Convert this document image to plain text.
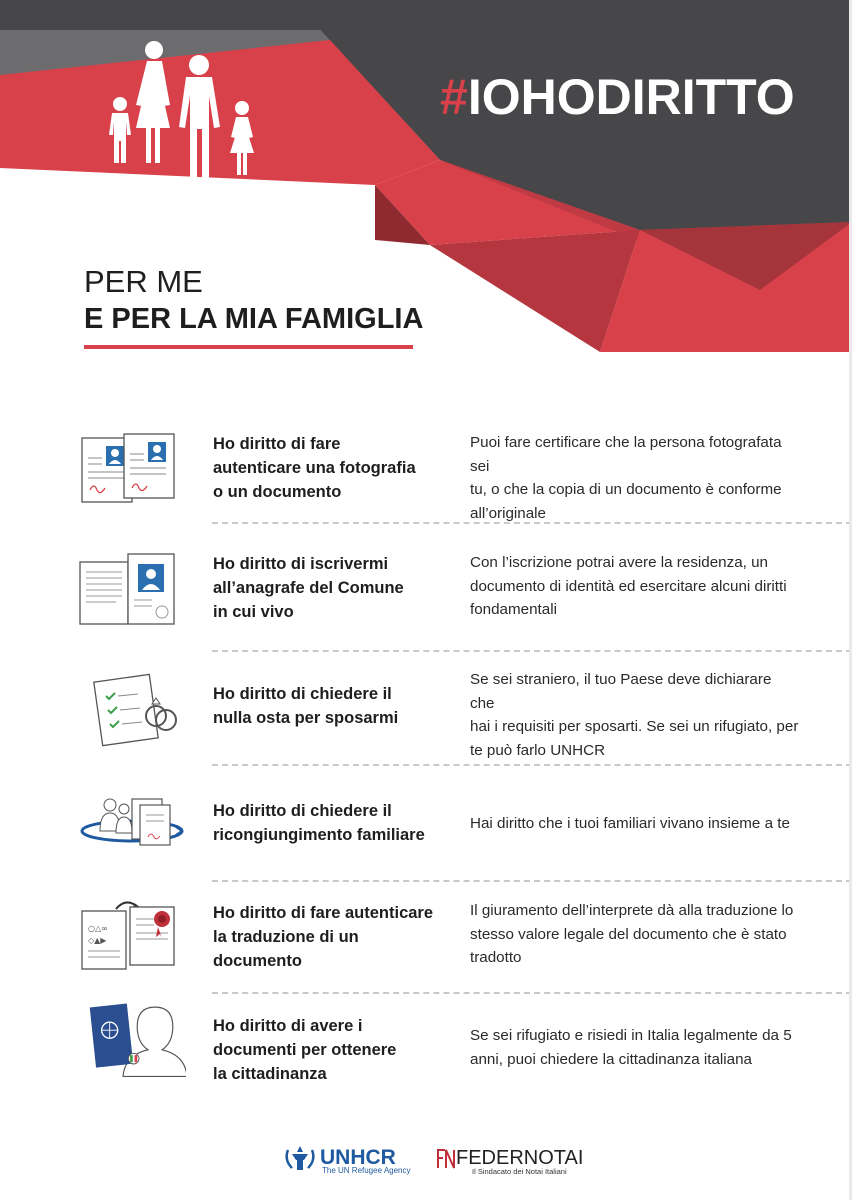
#IOHODIRITTO
PER ME
E PER LA MIA FAMIGLIA
Ho diritto di fare
autenticare una fotografia
o un documento
Puoi fare certificare che la persona fotografata sei
tu, o che la copia di un documento è conforme
all’originale
Ho diritto di iscrivermi
all’anagrafe del Comune
in cui vivo
Con l’iscrizione potrai avere la residenza, un
documento di identità ed esercitare alcuni diritti
fondamentali
Ho diritto di chiedere il
nulla osta per sposarmi
Se sei straniero, il tuo Paese deve dichiarare che
hai i requisiti per sposarti. Se sei un rifugiato, per
te può farlo UNHCR
Ho diritto di chiedere il
ricongiungimento familiare
Hai diritto che i tuoi familiari vivano insieme a te
○△∞
◇▲▶
Ho diritto di fare autenticare
la traduzione di un
documento
Il giuramento dell’interprete dà alla traduzione lo
stesso valore legale del documento che è stato
tradotto
Ho diritto di avere i
documenti per ottenere
la cittadinanza
Se sei rifugiato e risiedi in Italia legalmente da 5
anni, puoi chiedere la cittadinanza italiana
UNHCR
The UN Refugee Agency
FEDERNOTAI
Il Sindacato dei Notai Italiani
